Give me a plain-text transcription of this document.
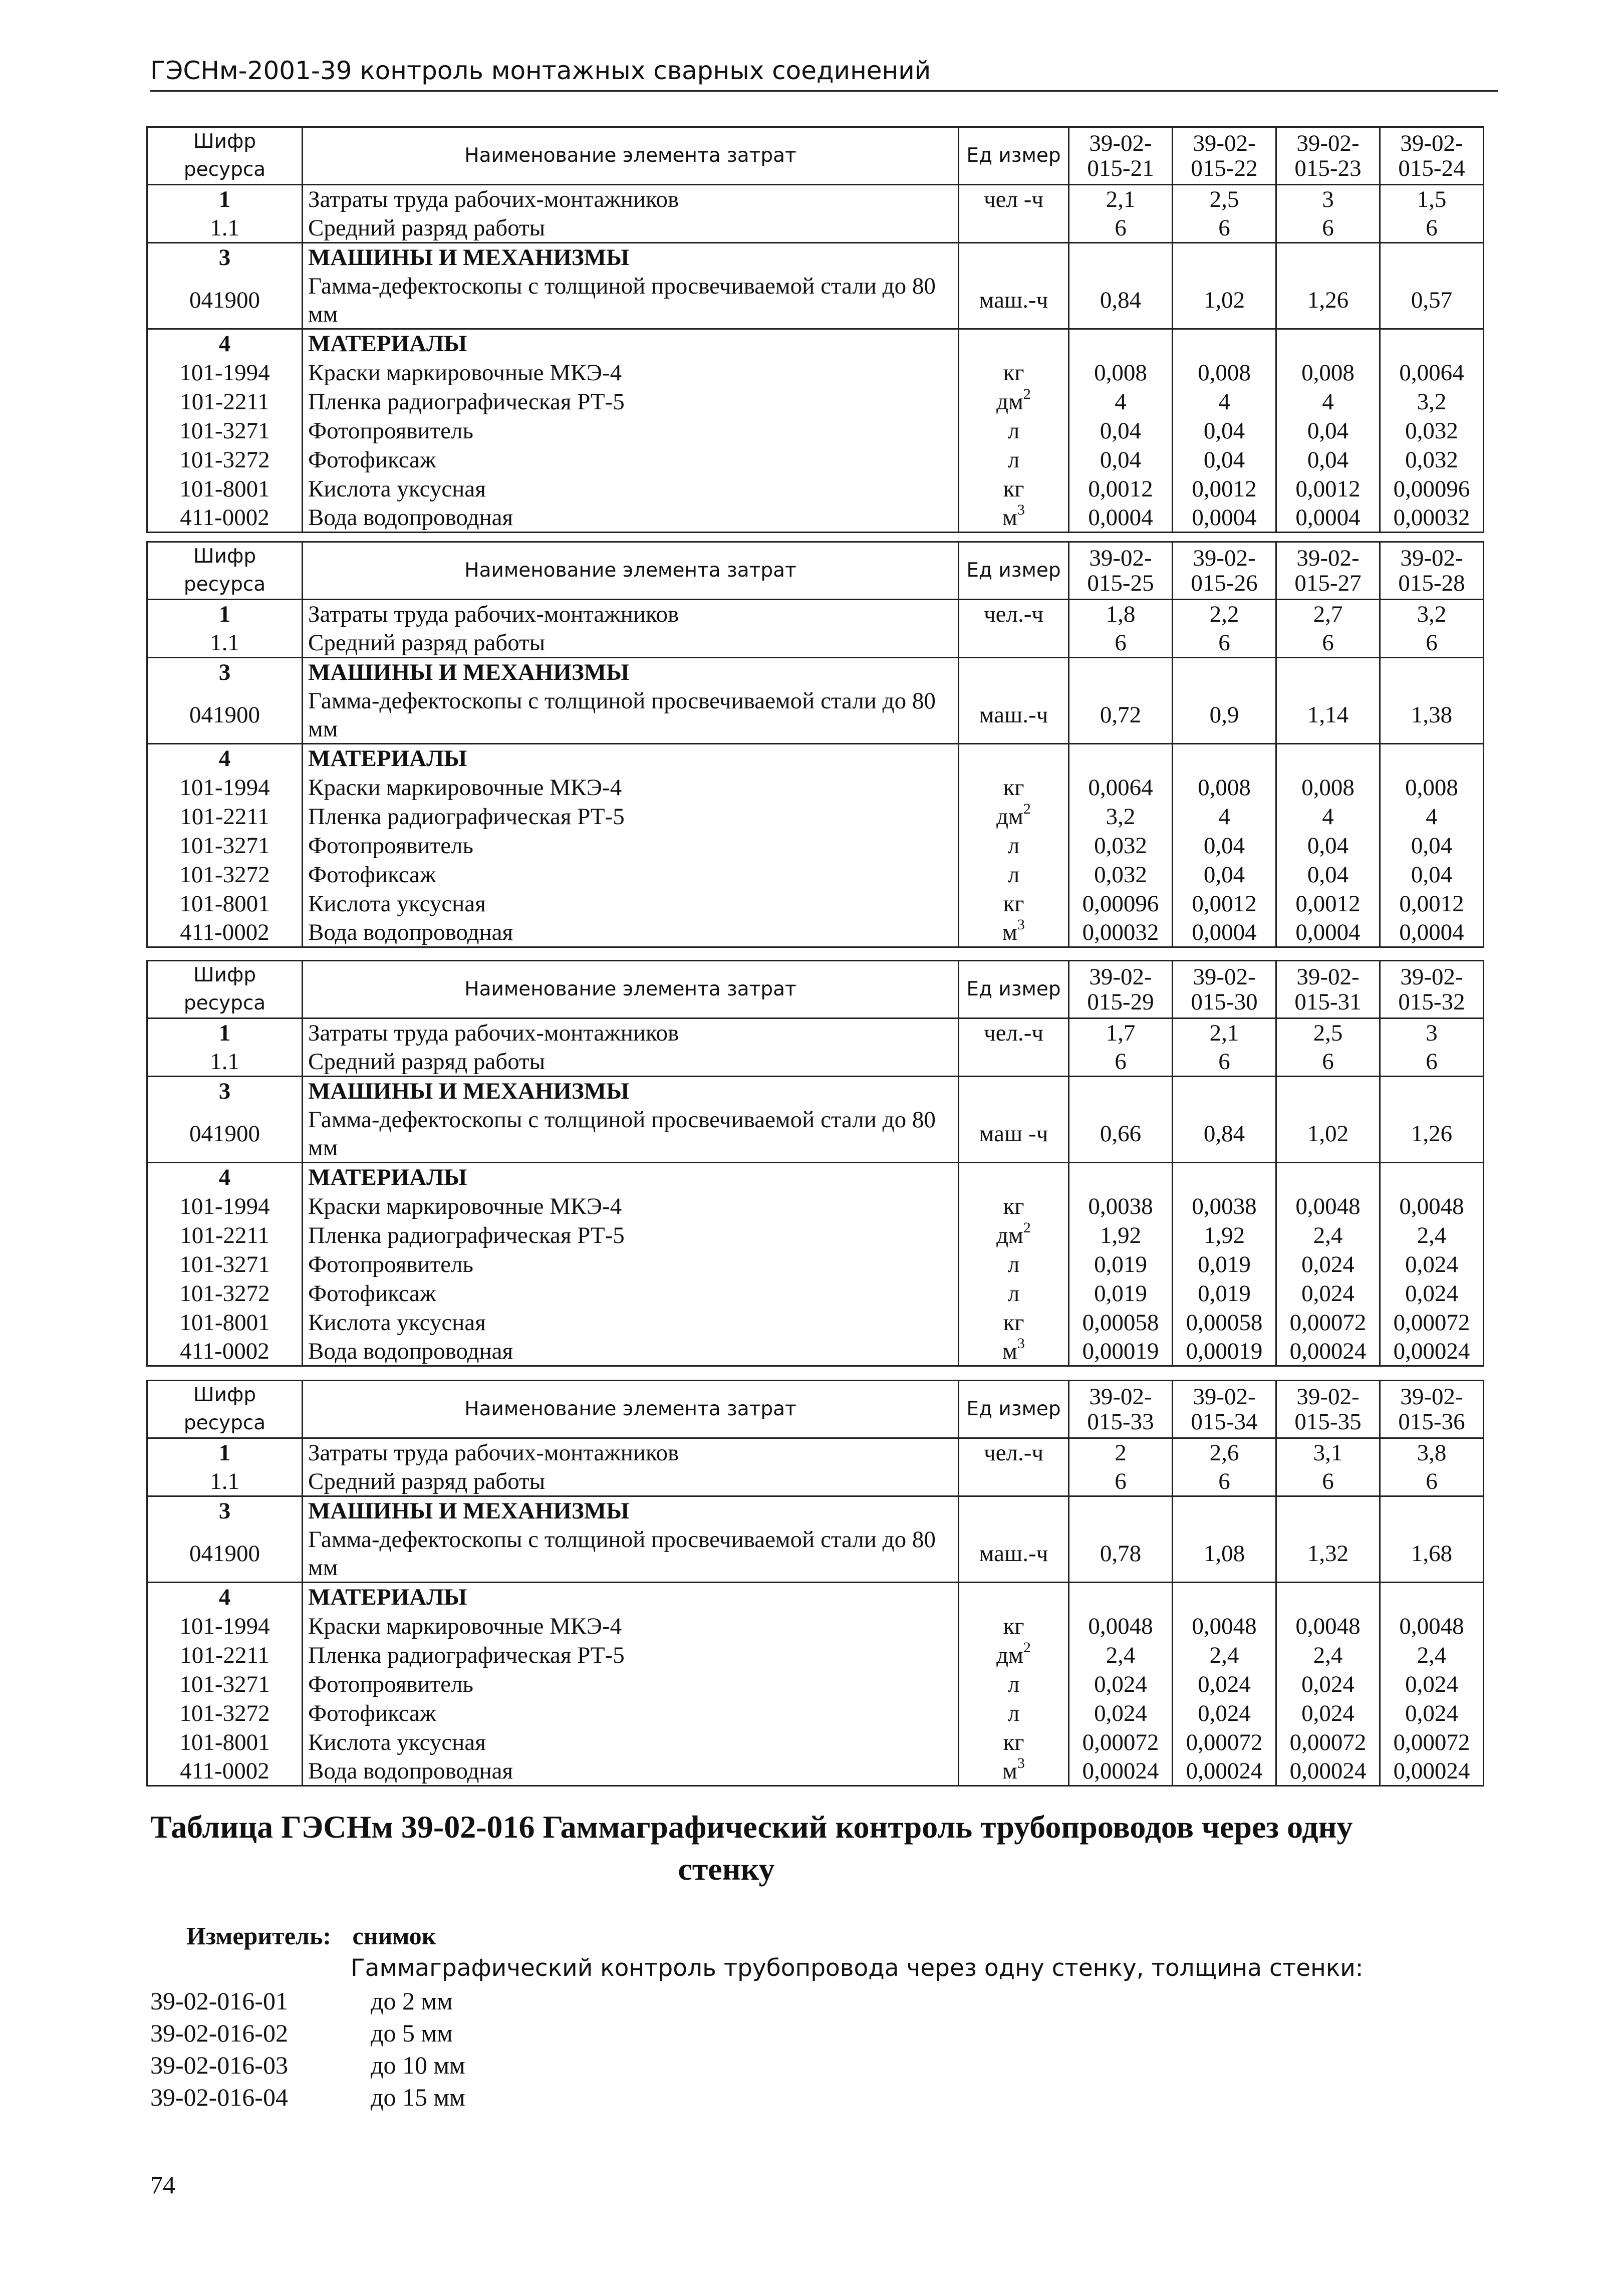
ГЭСНм-2001-39 контроль монтажных сварных соединений
Шифр ресурса	Наименование элемента затрат	Ед измер	39-02-015-21	39-02-015-22	39-02-015-23	39-02-015-24
1	Затраты труда рабочих-монтажников	чел -ч	2,1	2,5	3	1,5
1.1	Средний разряд работы		6	6	6	6
3	МАШИНЫ И МЕХАНИЗМЫ					
041900	Гамма-дефектоскопы с толщиной просвечиваемой стали до 80 мм	маш.-ч	0,84	1,02	1,26	0,57
4	МАТЕРИАЛЫ					
101-1994	Краски маркировочные МКЭ-4	кг	0,008	0,008	0,008	0,0064
101-2211	Пленка радиографическая РТ-5	$дм^2$	4	4	4	3,2
101-3271	Фотопроявитель	л	0,04	0,04	0,04	0,032
101-3272	Фотофиксаж	л	0,04	0,04	0,04	0,032
101-8001	Кислота уксусная	кг	0,0012	0,0012	0,0012	0,00096
411-0002	Вода водопроводная	$м^3$	0,0004	0,0004	0,0004	0,00032
Шифр ресурса	Наименование элемента затрат	Ед измер	39-02-015-25	39-02-015-26	39-02-015-27	39-02-015-28
1	Затраты труда рабочих-монтажников	чел.-ч	1,8	2,2	2,7	3,2
1.1	Средний разряд работы		6	6	6	6
3	МАШИНЫ И МЕХАНИЗМЫ					
041900	Гамма-дефектоскопы с толщиной просвечиваемой стали до 80 мм	маш.-ч	0,72	0,9	1,14	1,38
4	МАТЕРИАЛЫ					
101-1994	Краски маркировочные МКЭ-4	кг	0,0064	0,008	0,008	0,008
101-2211	Пленка радиографическая РТ-5	$дм^2$	3,2	4	4	4
101-3271	Фотопроявитель	л	0,032	0,04	0,04	0,04
101-3272	Фотофиксаж	л	0,032	0,04	0,04	0,04
101-8001	Кислота уксусная	кг	0,00096	0,0012	0,0012	0,0012
411-0002	Вода водопроводная	$м^3$	0,00032	0,0004	0,0004	0,0004
Шифр ресурса	Наименование элемента затрат	Ед измер	39-02-015-29	39-02-015-30	39-02-015-31	39-02-015-32
1	Затраты труда рабочих-монтажников	чел.-ч	1,7	2,1	2,5	3
1.1	Средний разряд работы		6	6	6	6
3	МАШИНЫ И МЕХАНИЗМЫ					
041900	Гамма-дефектоскопы с толщиной просвечиваемой стали до 80 мм	маш -ч	0,66	0,84	1,02	1,26
4	МАТЕРИАЛЫ					
101-1994	Краски маркировочные МКЭ-4	кг	0,0038	0,0038	0,0048	0,0048
101-2211	Пленка радиографическая РТ-5	$дм^2$	1,92	1,92	2,4	2,4
101-3271	Фотопроявитель	л	0,019	0,019	0,024	0,024
101-3272	Фотофиксаж	л	0,019	0,019	0,024	0,024
101-8001	Кислота уксусная	кг	0,00058	0,00058	0,00072	0,00072
411-0002	Вода водопроводная	$м^3$	0,00019	0,00019	0,00024	0,00024
Шифр ресурса	Наименование элемента затрат	Ед измер	39-02-015-33	39-02-015-34	39-02-015-35	39-02-015-36
1	Затраты труда рабочих-монтажников	чел.-ч	2	2,6	3,1	3,8
1.1	Средний разряд работы		6	6	6	6
3	МАШИНЫ И МЕХАНИЗМЫ					
041900	Гамма-дефектоскопы с толщиной просвечиваемой стали до 80 мм	маш.-ч	0,78	1,08	1,32	1,68
4	МАТЕРИАЛЫ					
101-1994	Краски маркировочные МКЭ-4	кг	0,0048	0,0048	0,0048	0,0048
101-2211	Пленка радиографическая РТ-5	$дм^2$	2,4	2,4	2,4	2,4
101-3271	Фотопроявитель	л	0,024	0,024	0,024	0,024
101-3272	Фотофиксаж	л	0,024	0,024	0,024	0,024
101-8001	Кислота уксусная	кг	0,00072	0,00072	0,00072	0,00072
411-0002	Вода водопроводная	$м^3$	0,00024	0,00024	0,00024	0,00024
Таблица ГЭСНм 39-02-016 Гаммаграфический контроль трубопроводов через одну
стенку
Измеритель: снимок
Гаммаграфический контроль трубопровода через одну стенку, толщина стенки:
39-02-016-01	до 2 мм
39-02-016-02	до 5 мм
39-02-016-03	до 10 мм
39-02-016-04	до 15 мм
74
